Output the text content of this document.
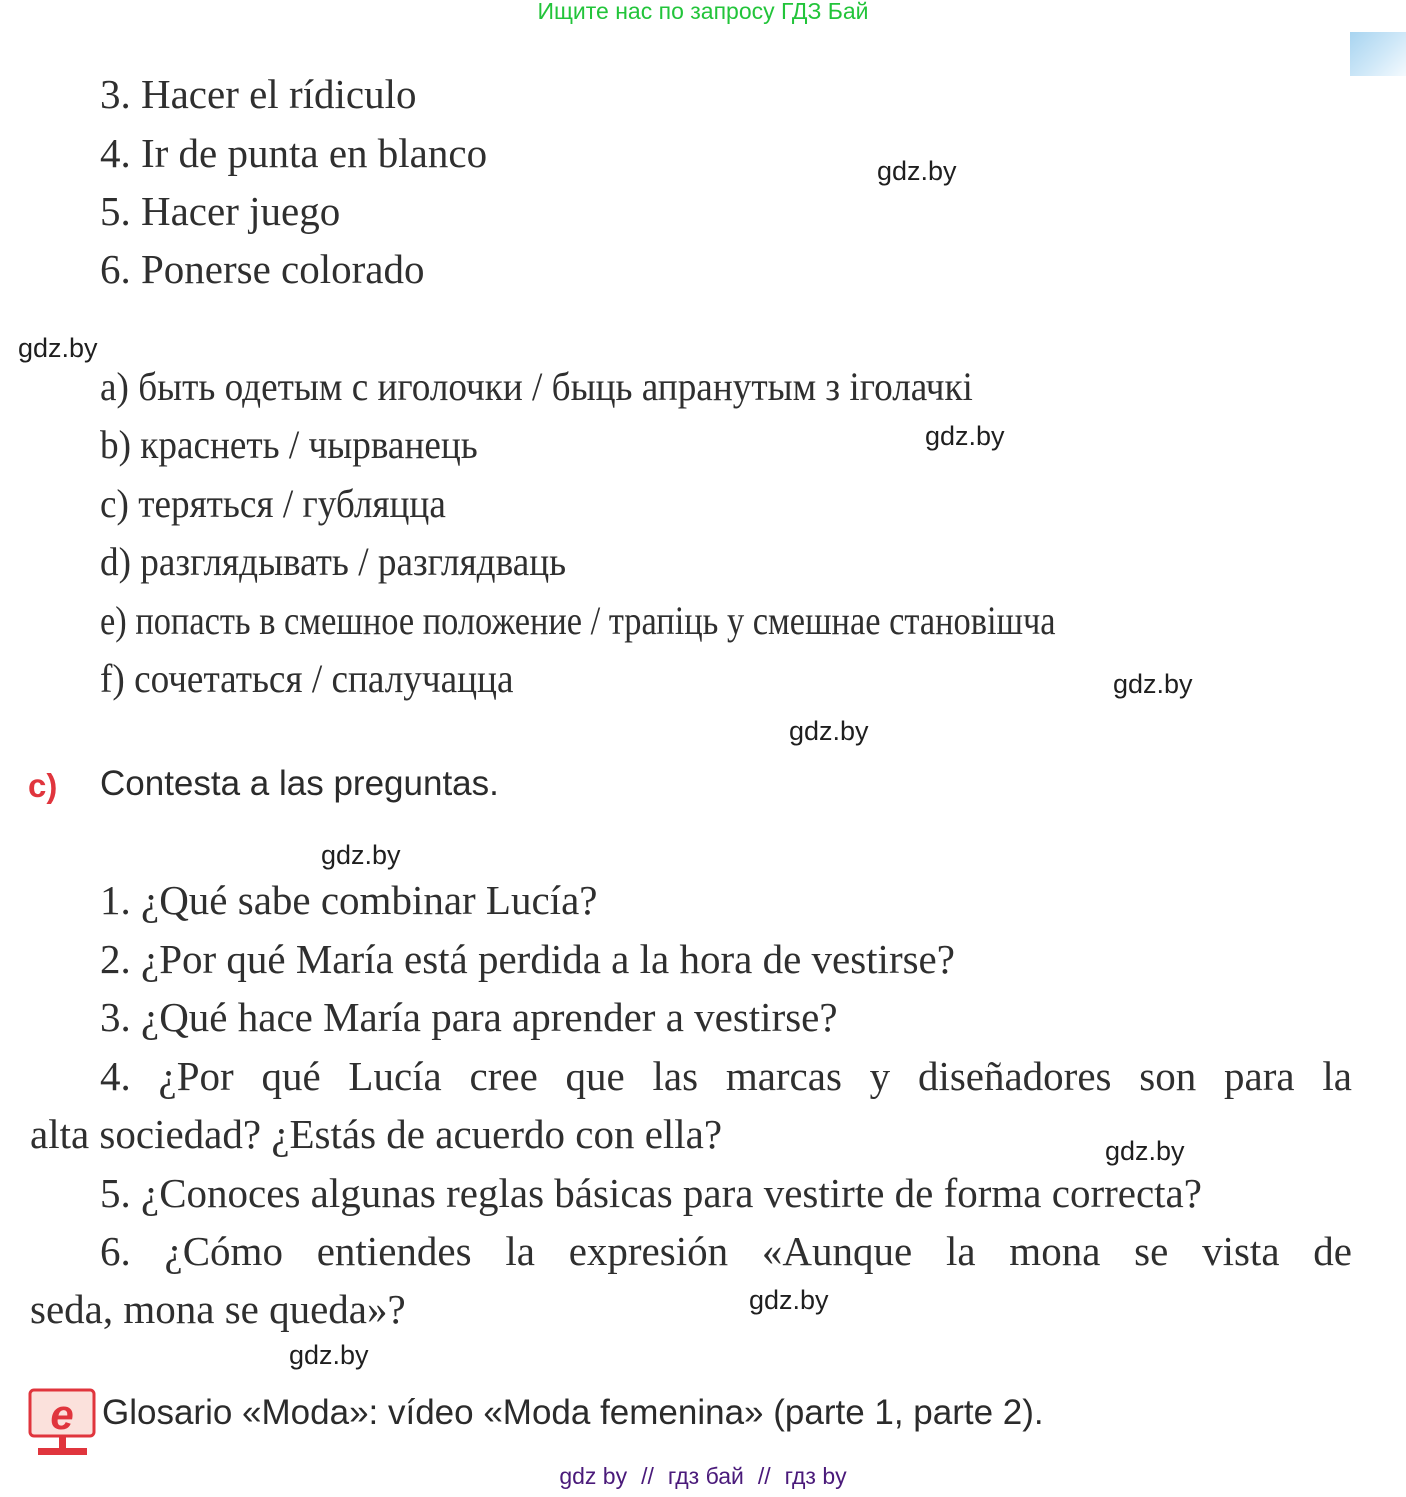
Ищите нас по запросу ГДЗ Бай
3. Hacer el rídiculo
4. Ir de punta en blanco
5. Hacer juego
6. Ponerse colorado
gdz.by
gdz.by
gdz.by
gdz.by
gdz.by
gdz.by
gdz.by
gdz.by
gdz.by
a) быть одетым с иголочки / быць апранутым з іголачкі
b) краснеть / чырванець
c) теряться / губляцца
d) разглядывать / разглядваць
e) попасть в смешное положение / трапіць у смешнае становішча
f) сочетаться / спалучацца
c) Contesta a las preguntas.
1. ¿Qué sabe combinar Lucía?
2. ¿Por qué María está perdida a la hora de vestirse?
3. ¿Qué hace María para aprender a vestirse?
4. ¿Por qué Lucía cree que las marcas y diseñadores son para la
alta sociedad? ¿Estás de acuerdo con ella?
5. ¿Conoces algunas reglas básicas para vestirte de forma correcta?
6. ¿Cómo entiendes la expresión «Aunque la mona se vista de
seda, mona se queda»?
e Glosario «Moda»: vídeo «Moda femenina» (parte 1, parte 2).
gdz by // гдз бай // гдз by
